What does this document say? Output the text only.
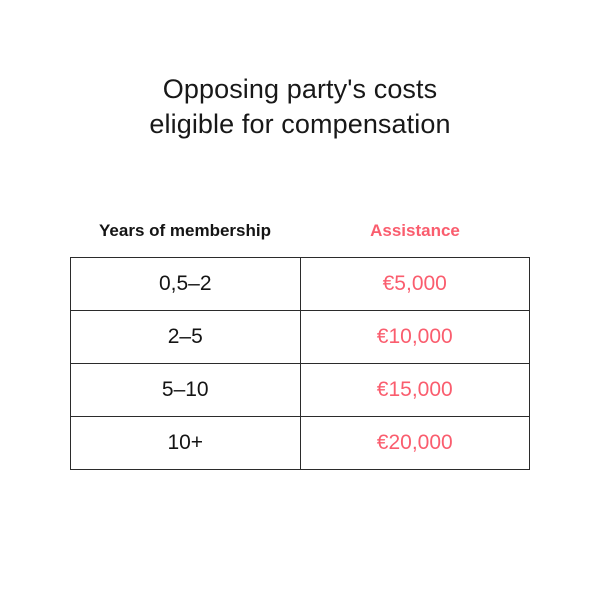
Opposing party's costs
eligible for compensation
Years of membership	Assistance
0,5–2	€5,000
2–5	€10,000
5–10	€15,000
10+	€20,000
